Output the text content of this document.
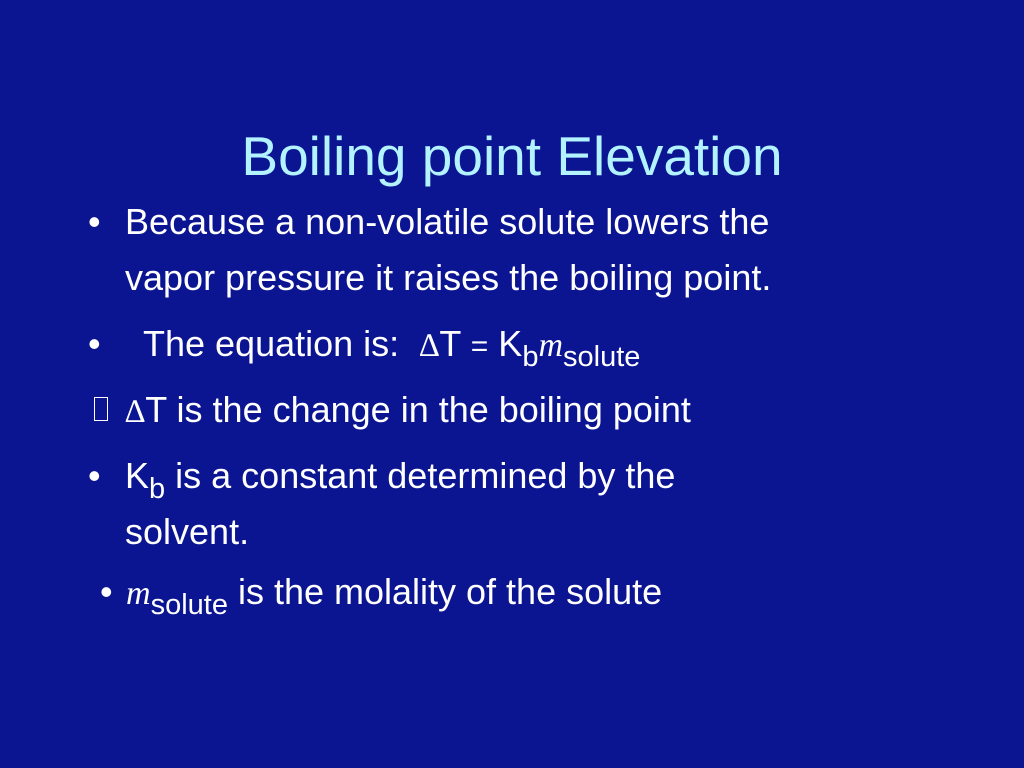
Boiling point Elevation
• Because a non-volatile solute lowers the
vapor pressure it raises the boiling point.
• The equation is: $\Delta T = K_bm_{solute}$
∆T is the change in the boiling point
• $K_b$ is a constant determined by the
solvent.
• $m_{solute}$ is the molality of the solute
